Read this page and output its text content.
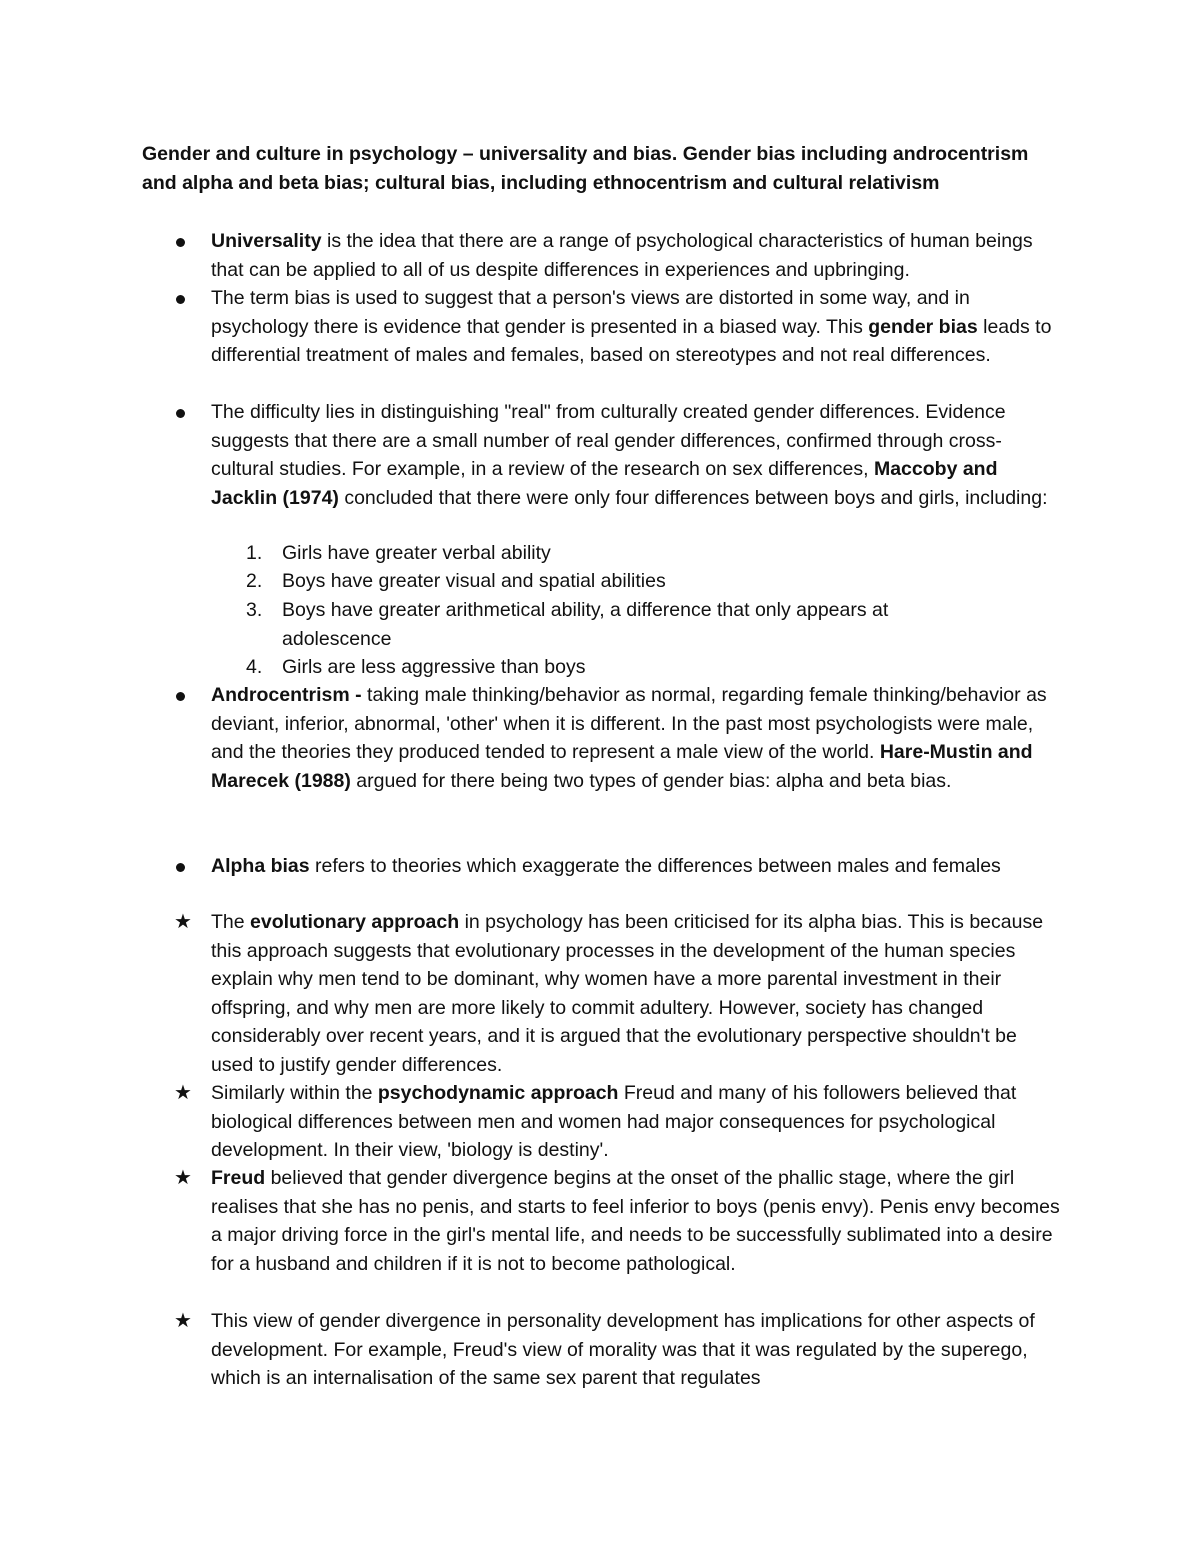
Gender and culture in psychology – universality and bias. Gender bias including androcentrism and alpha and beta bias; cultural bias, including ethnocentrism and cultural relativism
Universality is the idea that there are a range of psychological characteristics of human beings that can be applied to all of us despite differences in experiences and upbringing.
The term bias is used to suggest that a person's views are distorted in some way, and in psychology there is evidence that gender is presented in a biased way. This gender bias leads to differential treatment of males and females, based on stereotypes and not real differences.
The difficulty lies in distinguishing "real" from culturally created gender differences. Evidence suggests that there are a small number of real gender differences, confirmed through cross-cultural studies. For example, in a review of the research on sex differences, Maccoby and Jacklin (1974) concluded that there were only four differences between boys and girls, including:
1. Girls have greater verbal ability
2. Boys have greater visual and spatial abilities
3. Boys have greater arithmetical ability, a difference that only appears at adolescence
4. Girls are less aggressive than boys
Androcentrism - taking male thinking/behavior as normal, regarding female thinking/behavior as deviant, inferior, abnormal, 'other' when it is different. In the past most psychologists were male, and the theories they produced tended to represent a male view of the world. Hare-Mustin and Marecek (1988) argued for there being two types of gender bias: alpha and beta bias.
Alpha bias refers to theories which exaggerate the differences between males and females
★ The evolutionary approach in psychology has been criticised for its alpha bias. This is because this approach suggests that evolutionary processes in the development of the human species explain why men tend to be dominant, why women have a more parental investment in their offspring, and why men are more likely to commit adultery. However, society has changed considerably over recent years, and it is argued that the evolutionary perspective shouldn't be used to justify gender differences.
★ Similarly within the psychodynamic approach Freud and many of his followers believed that biological differences between men and women had major consequences for psychological development. In their view, 'biology is destiny'.
★ Freud believed that gender divergence begins at the onset of the phallic stage, where the girl realises that she has no penis, and starts to feel inferior to boys (penis envy). Penis envy becomes a major driving force in the girl's mental life, and needs to be successfully sublimated into a desire for a husband and children if it is not to become pathological.
★ This view of gender divergence in personality development has implications for other aspects of development. For example, Freud's view of morality was that it was regulated by the superego, which is an internalisation of the same sex parent that regulates
